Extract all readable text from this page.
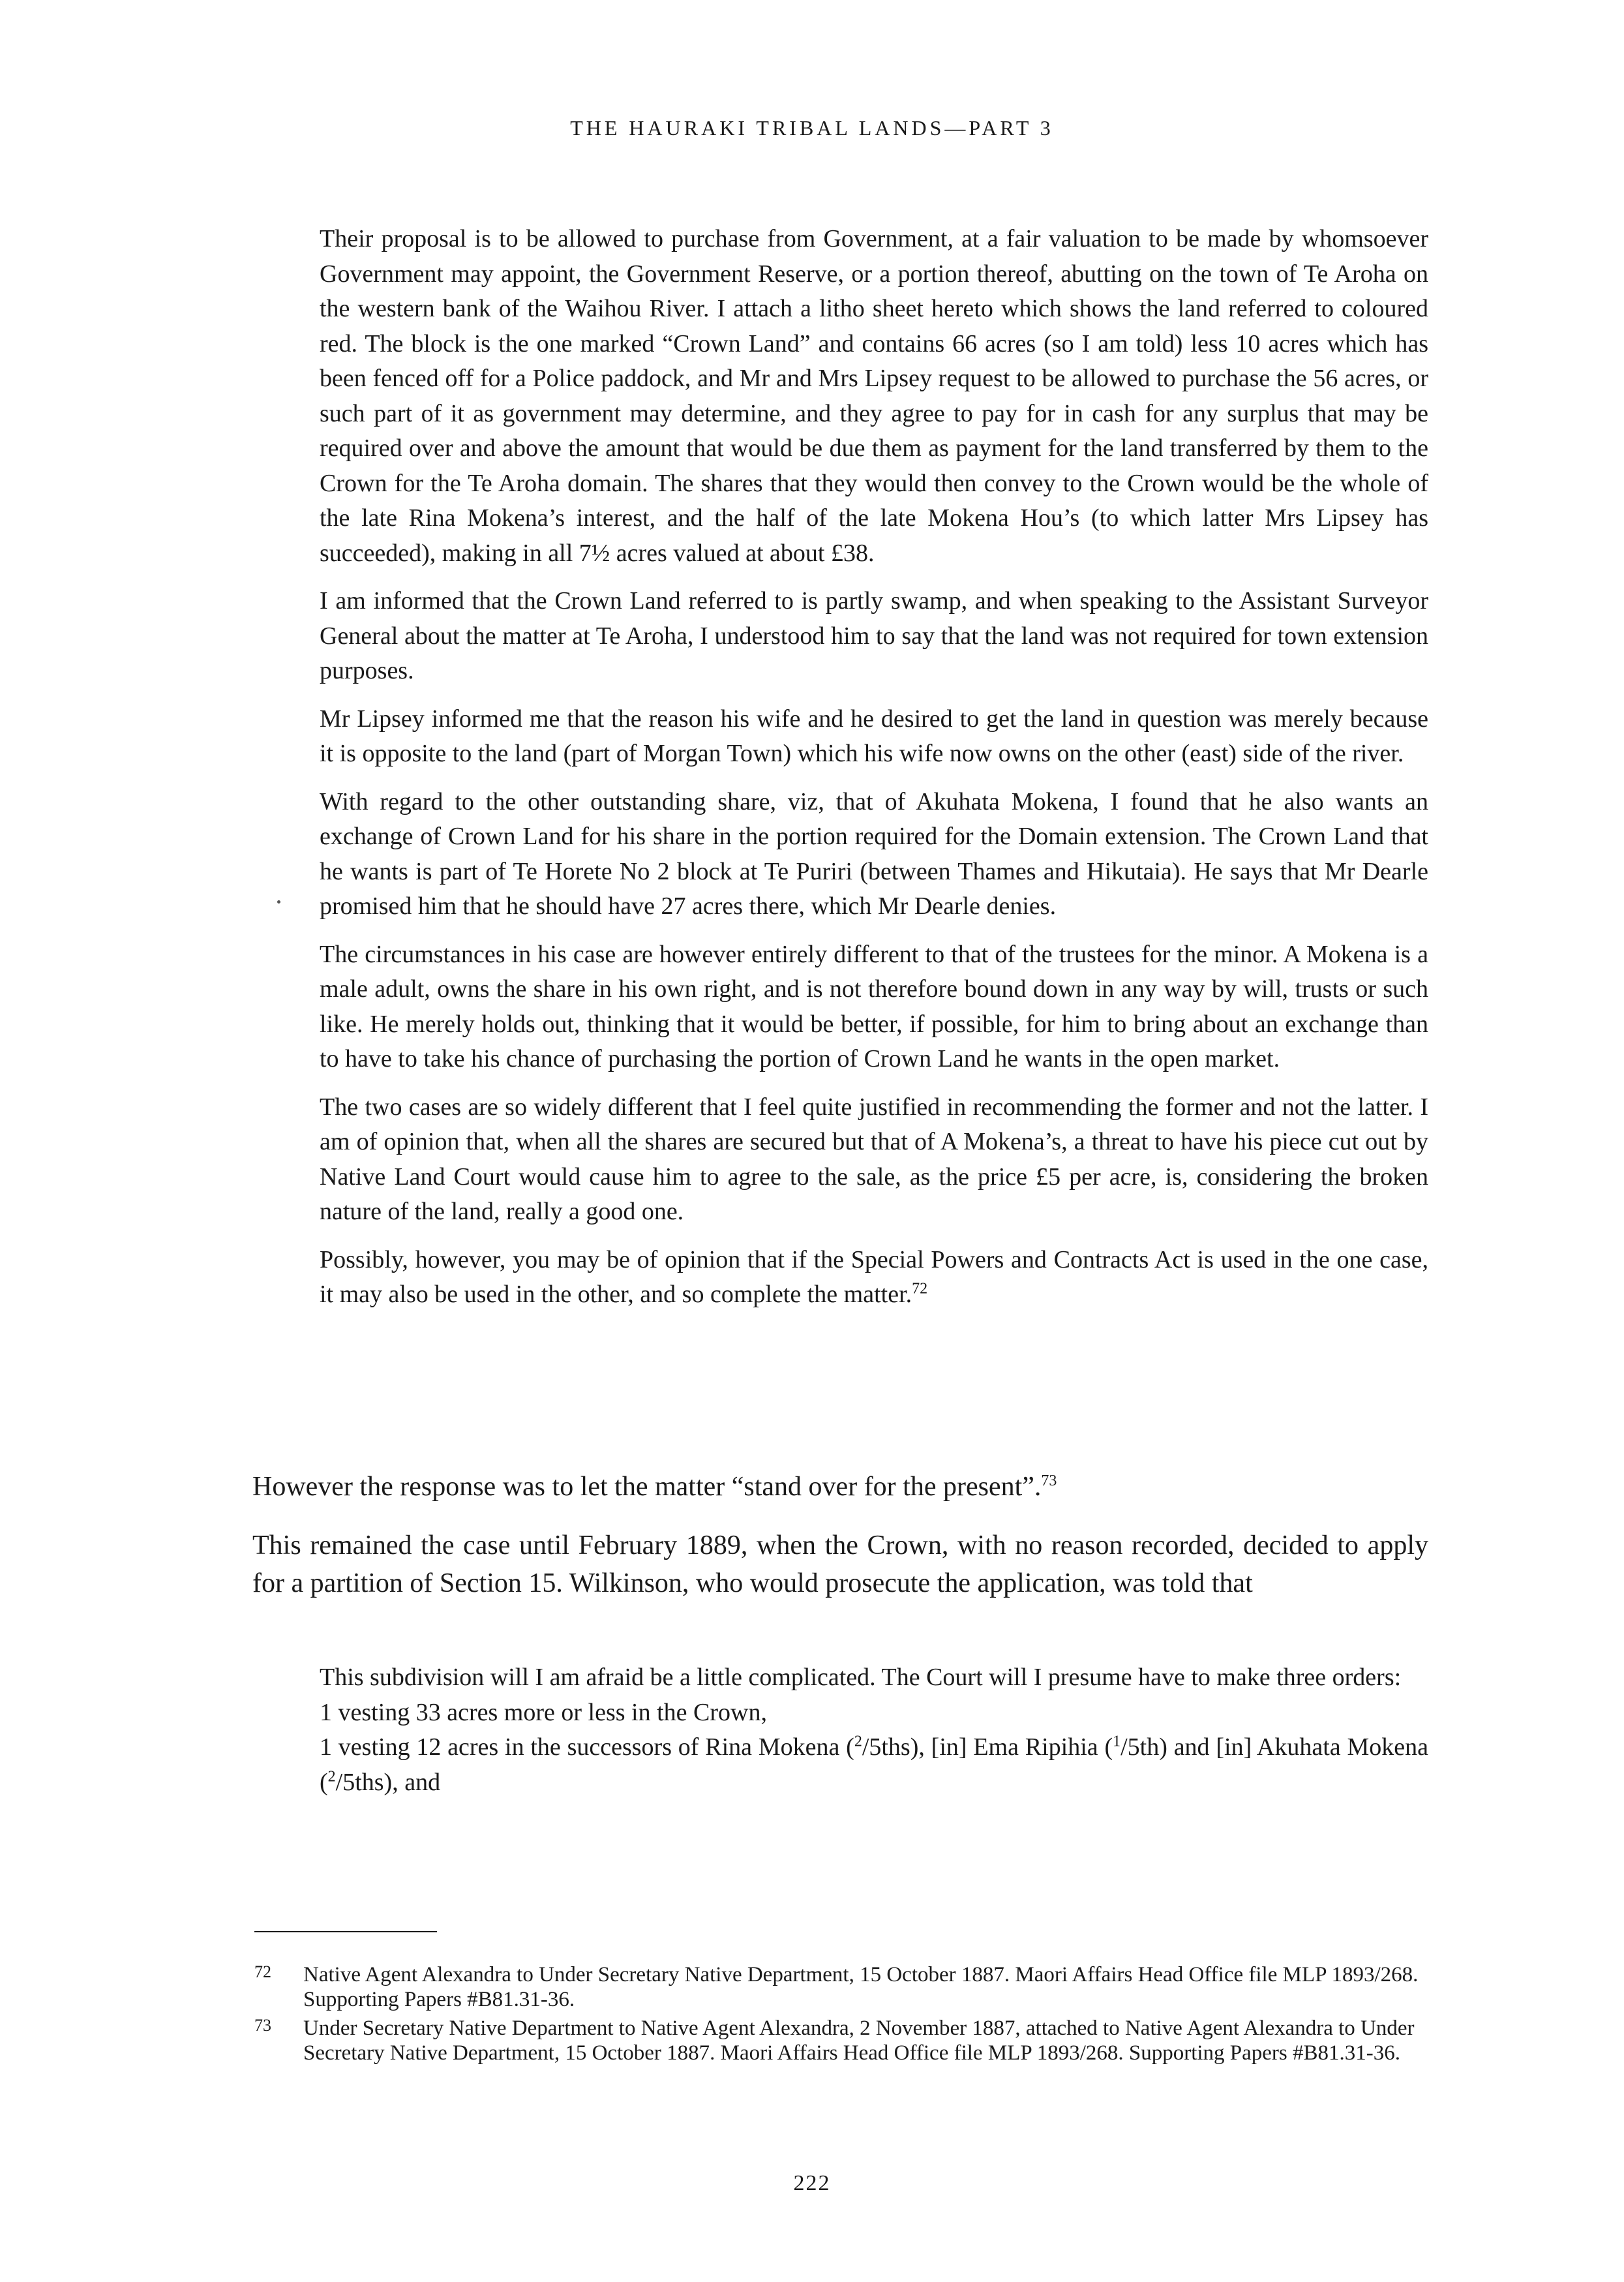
THE HAURAKI TRIBAL LANDS—PART 3

Their proposal is to be allowed to purchase from Government, at a fair valuation to be made by whomsoever Government may appoint, the Government Reserve, or a portion thereof, abutting on the town of Te Aroha on the western bank of the Waihou River. I attach a litho sheet hereto which shows the land referred to coloured red. The block is the one marked “Crown Land” and contains 66 acres (so I am told) less 10 acres which has been fenced off for a Police paddock, and Mr and Mrs Lipsey request to be allowed to purchase the 56 acres, or such part of it as government may determine, and they agree to pay for in cash for any surplus that may be required over and above the amount that would be due them as payment for the land transferred by them to the Crown for the Te Aroha domain. The shares that they would then convey to the Crown would be the whole of the late Rina Mokena’s interest, and the half of the late Mokena Hou’s (to which latter Mrs Lipsey has succeeded), making in all 7½ acres valued at about £38.

I am informed that the Crown Land referred to is partly swamp, and when speaking to the Assistant Surveyor General about the matter at Te Aroha, I understood him to say that the land was not required for town extension purposes.

Mr Lipsey informed me that the reason his wife and he desired to get the land in question was merely because it is opposite to the land (part of Morgan Town) which his wife now owns on the other (east) side of the river.

With regard to the other outstanding share, viz, that of Akuhata Mokena, I found that he also wants an exchange of Crown Land for his share in the portion required for the Domain extension. The Crown Land that he wants is part of Te Horete No 2 block at Te Puriri (between Thames and Hikutaia). He says that Mr Dearle promised him that he should have 27 acres there, which Mr Dearle denies.

The circumstances in his case are however entirely different to that of the trustees for the minor. A Mokena is a male adult, owns the share in his own right, and is not therefore bound down in any way by will, trusts or such like. He merely holds out, thinking that it would be better, if possible, for him to bring about an exchange than to have to take his chance of purchasing the portion of Crown Land he wants in the open market.

The two cases are so widely different that I feel quite justified in recommending the former and not the latter. I am of opinion that, when all the shares are secured but that of A Mokena’s, a threat to have his piece cut out by Native Land Court would cause him to agree to the sale, as the price £5 per acre, is, considering the broken nature of the land, really a good one.

Possibly, however, you may be of opinion that if the Special Powers and Contracts Act is used in the one case, it may also be used in the other, and so complete the matter.$^{72}$

However the response was to let the matter “stand over for the present”.$^{73}$

This remained the case until February 1889, when the Crown, with no reason recorded, decided to apply for a partition of Section 15. Wilkinson, who would prosecute the application, was told that

This subdivision will I am afraid be a little complicated. The Court will I presume have to make three orders:

1 vesting 33 acres more or less in the Crown,

1 vesting 12 acres in the successors of Rina Mokena ($^2$/5ths), [in] Ema Ripihia ($^1$/5th) and [in] Akuhata Mokena ($^2$/5ths), and

72 Native Agent Alexandra to Under Secretary Native Department, 15 October 1887. Maori Affairs Head Office file MLP 1893/268. Supporting Papers #B81.31-36.
73 Under Secretary Native Department to Native Agent Alexandra, 2 November 1887, attached to Native Agent Alexandra to Under Secretary Native Department, 15 October 1887. Maori Affairs Head Office file MLP 1893/268. Supporting Papers #B81.31-36.
222
